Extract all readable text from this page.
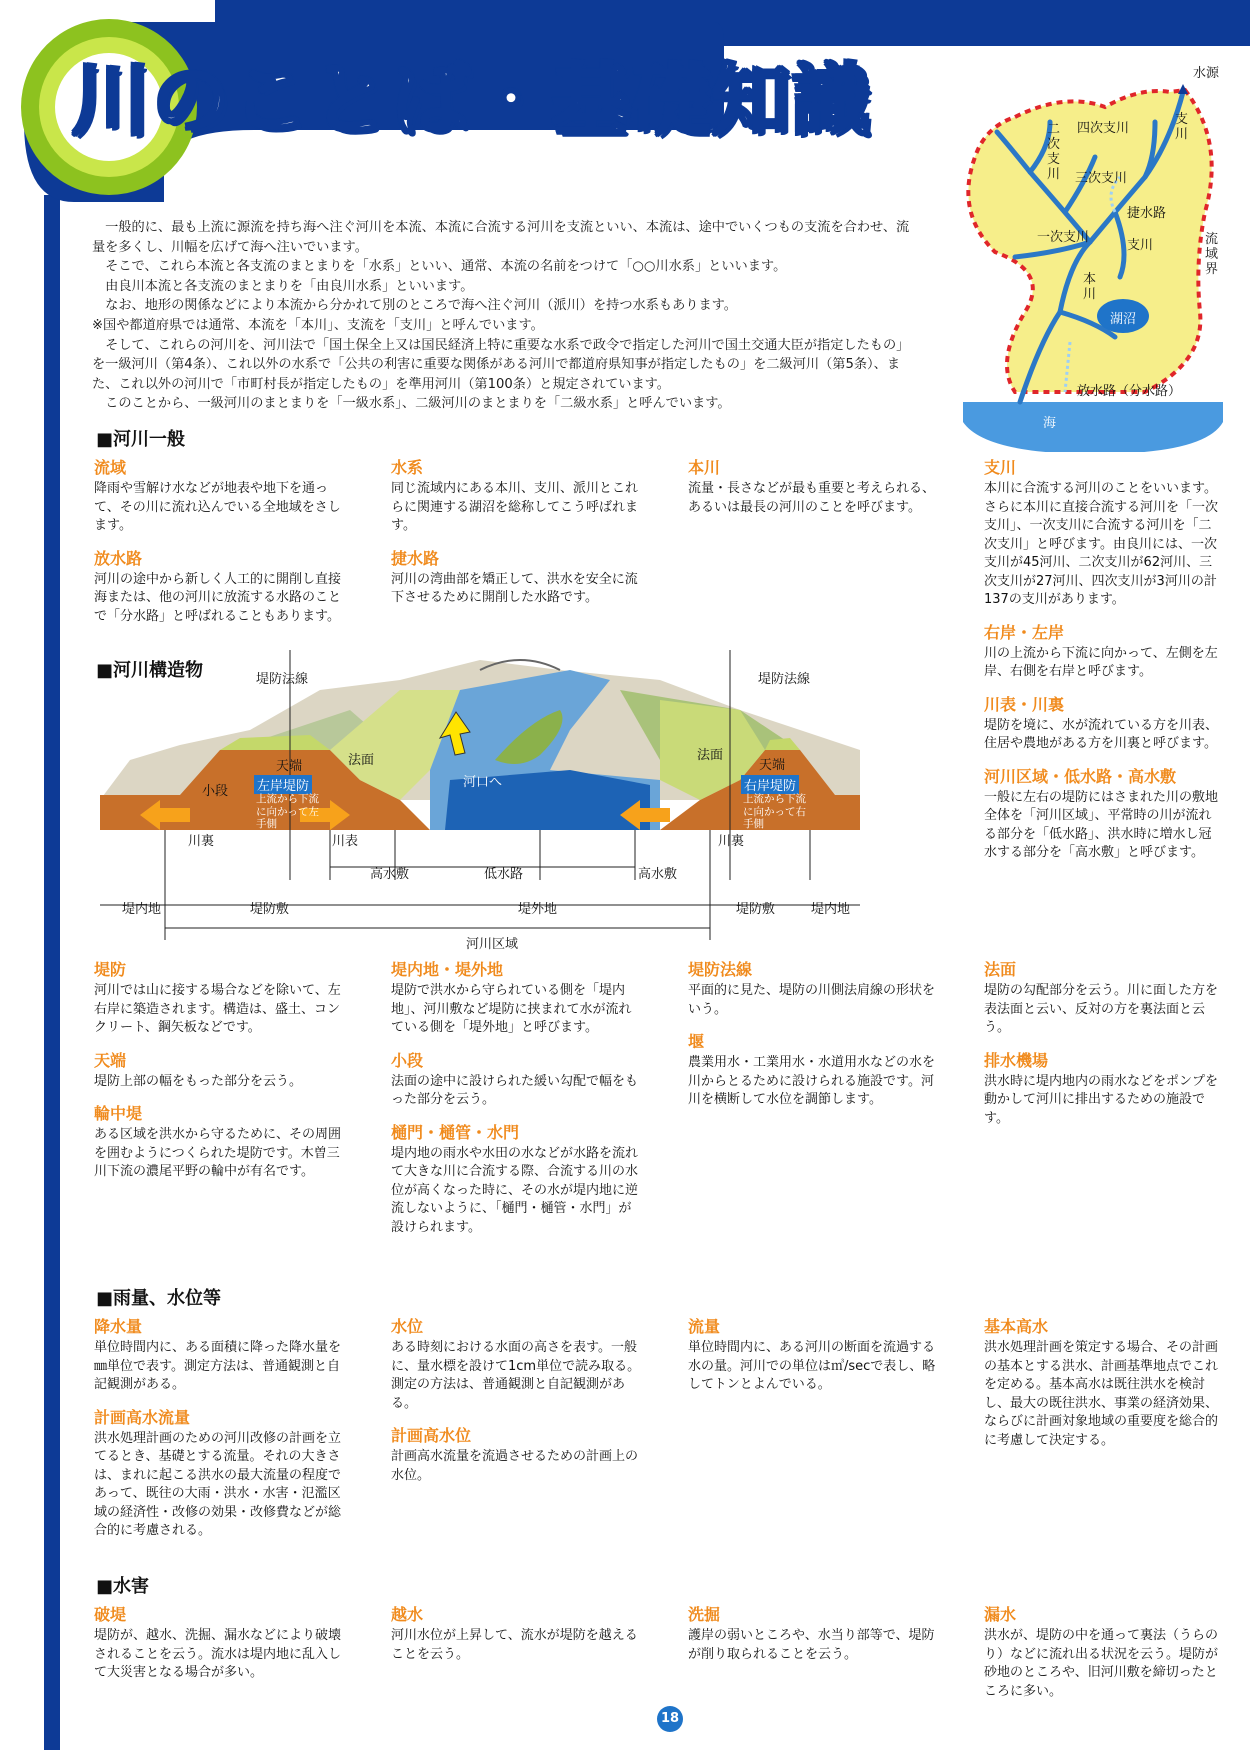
川のことば・基礎知識	水源
四次支川
支
川
二
次
支
川 三次支川
捷水路
一次支川
支川	流
域
界
本
川
湖沼
放水路（分水路）
海

　一般的に、最も上流に源流を持ち海へ注ぐ河川を本流、本流に合流する河川を支流といい、本流は、途中でいくつもの支流を合わせ、流量を多くし、川幅を広げて海へ注いでいます。

　そこで、これら本流と各支流のまとまりを「水系」といい、通常、本流の名前をつけて「○○川水系」といいます。

　由良川本流と各支流のまとまりを「由良川水系」といいます。

　なお、地形の関係などにより本流から分かれて別のところで海へ注ぐ河川（派川）を持つ水系もあります。

※国や都道府県では通常、本流を「本川」、支流を「支川」と呼んでいます。

　そして、これらの河川を、河川法で「国土保全上又は国民経済上特に重要な水系で政令で指定した河川で国土交通大臣が指定したもの」を一級河川（第4条）、これ以外の水系で「公共の利害に重要な関係がある河川で都道府県知事が指定したもの」を二級河川（第5条）、また、これ以外の河川で「市町村長が指定したもの」を準用河川（第100条）と規定されています。

　このことから、一級河川のまとまりを「一級水系」、二級河川のまとまりを「二級水系」と呼んでいます。

■河川一般
流域

降雨や雪解け水などが地表や地下を通って、その川に流れ込んでいる全地域をさします。

放水路

河川の途中から新しく人工的に開削し直接海または、他の河川に放流する水路のことで「分水路」と呼ばれることもあります。

水系

同じ流域内にある本川、支川、派川とこれらに関連する湖沼を総称してこう呼ばれます。

捷水路

河川の湾曲部を矯正して、洪水を安全に流下させるために開削した水路です。

本川

流量・長さなどが最も重要と考えられる、あるいは最長の河川のことを呼びます。

支川

本川に合流する河川のことをいいます。さらに本川に直接合流する河川を「一次支川」、一次支川に合流する河川を「二次支川」と呼びます。由良川には、一次支川が45河川、二次支川が62河川、三次支川が27河川、四次支川が3河川の計137の支川があります。

右岸・左岸

川の上流から下流に向かって、左側を左岸、右側を右岸と呼びます。

川表・川裏

堤防を境に、水が流れている方を川表、住居や農地がある方を川裏と呼びます。

河川区域・低水路・高水敷

一般に左右の堤防にはさまれた川の敷地全体を「河川区域」、平常時の川が流れる部分を「低水路」、洪水時に増水し冠水する部分を「高水敷」と呼びます。

■河川構造物	堤防法線	堤防法線
天端	法面
小段
河口へ
法面
天端
左岸堤防
上流から下流に向かって左手側
右岸堤防
上流から下流に向かって右手側
川裏	川表	川裏
高水敷	低水路	高水敷
堤内地	堤防敷	堤外地	堤防敷	堤内地
河川区域
堤防

河川では山に接する場合などを除いて、左右岸に築造されます。構造は、盛土、コンクリート、鋼矢板などです。

天端

堤防上部の幅をもった部分を云う。

輪中堤

ある区域を洪水から守るために、その周囲を囲むようにつくられた堤防です。木曽三川下流の濃尾平野の輪中が有名です。

堤内地・堤外地

堤防で洪水から守られている側を「堤内地」、河川敷など堤防に挟まれて水が流れている側を「堤外地」と呼びます。

小段

法面の途中に設けられた緩い勾配で幅をもった部分を云う。

樋門・樋管・水門

堤内地の雨水や水田の水などが水路を流れて大きな川に合流する際、合流する川の水位が高くなった時に、その水が堤内地に逆流しないように、「樋門・樋管・水門」が設けられます。

堤防法線

平面的に見た、堤防の川側法肩線の形状をいう。

堰

農業用水・工業用水・水道用水などの水を川からとるために設けられる施設です。河川を横断して水位を調節します。

法面

堤防の勾配部分を云う。川に面した方を表法面と云い、反対の方を裏法面と云う。

排水機場

洪水時に堤内地内の雨水などをポンプを動かして河川に排出するための施設です。

■雨量、水位等
降水量

単位時間内に、ある面積に降った降水量を㎜単位で表す。測定方法は、普通観測と自記観測がある。

計画高水流量

洪水処理計画のための河川改修の計画を立てるとき、基礎とする流量。それの大きさは、まれに起こる洪水の最大流量の程度であって、既往の大雨・洪水・水害・氾濫区域の経済性・改修の効果・改修費などが総合的に考慮される。

水位

ある時刻における水面の高さを表す。一般に、量水標を設けて1cm単位で読み取る。測定の方法は、普通観測と自記観測がある。

計画高水位

計画高水流量を流過させるための計画上の水位。

流量

単位時間内に、ある河川の断面を流過する水の量。河川での単位は㎥/secで表し、略してトンとよんでいる。

基本高水

洪水処理計画を策定する場合、その計画の基本とする洪水、計画基準地点でこれを定める。基本高水は既往洪水を検討し、最大の既往洪水、事業の経済効果、ならびに計画対象地域の重要度を総合的に考慮して決定する。

■水害
破堤

堤防が、越水、洗掘、漏水などにより破壊されることを云う。流水は堤内地に乱入して大災害となる場合が多い。

越水

河川水位が上昇して、流水が堤防を越えることを云う。

洗掘

護岸の弱いところや、水当り部等で、堤防が削り取られることを云う。

漏水

洪水が、堤防の中を通って裏法（うらのり）などに流れ出る状況を云う。堤防が砂地のところや、旧河川敷を締切ったところに多い。

18
